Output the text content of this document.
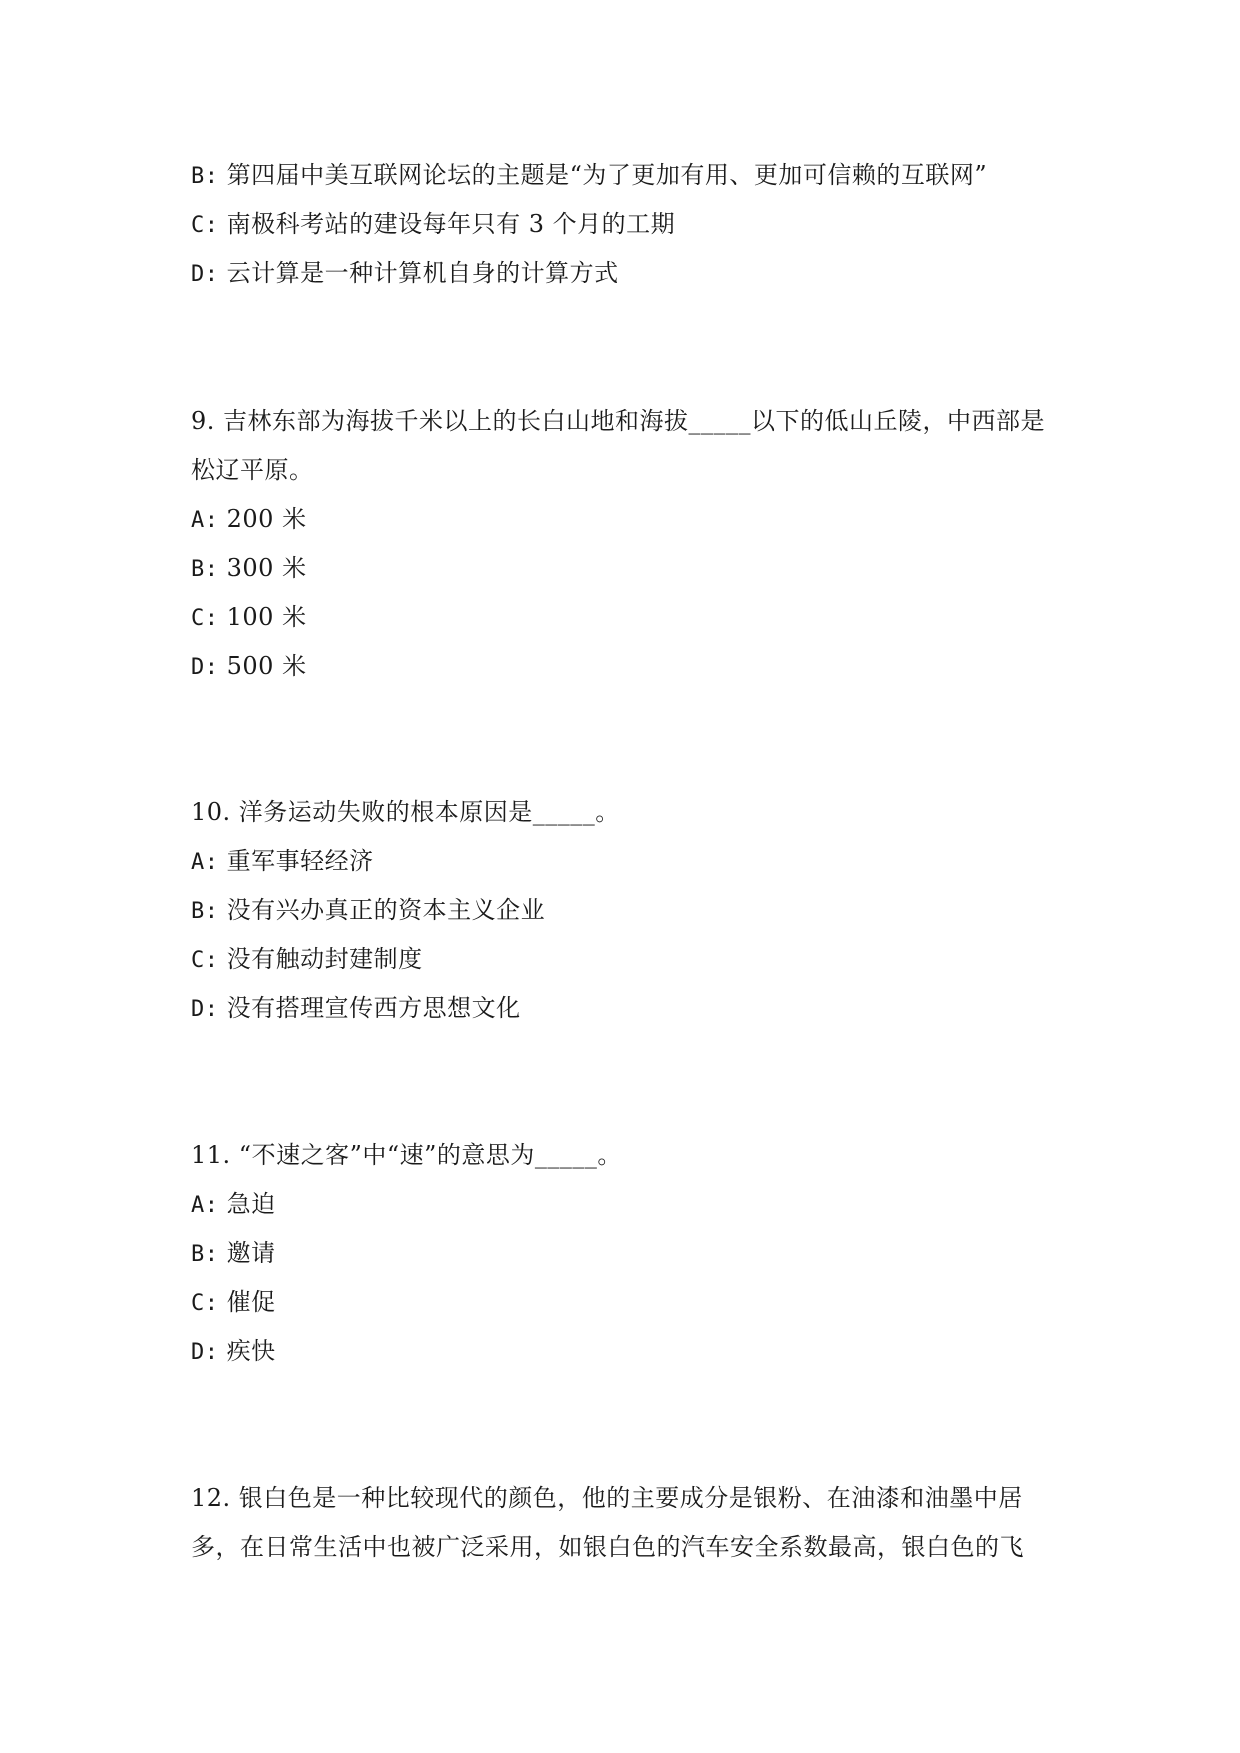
B: 第四届中美互联网论坛的主题是“为了更加有用、更加可信赖的互联网”
C: 南极科考站的建设每年只有 3 个月的工期
D: 云计算是一种计算机自身的计算方式
9. 吉林东部为海拔千米以上的长白山地和海拔_____以下的低山丘陵，中西部是
松辽平原。
A: 200 米
B: 300 米
C: 100 米
D: 500 米
10. 洋务运动失败的根本原因是_____。
A: 重军事轻经济
B: 没有兴办真正的资本主义企业
C: 没有触动封建制度
D: 没有搭理宣传西方思想文化
11. “不速之客”中“速”的意思为_____。
A: 急迫
B: 邀请
C: 催促
D: 疾快
12. 银白色是一种比较现代的颜色，他的主要成分是银粉、在油漆和油墨中居
多，在日常生活中也被广泛采用，如银白色的汽车安全系数最高，银白色的飞
